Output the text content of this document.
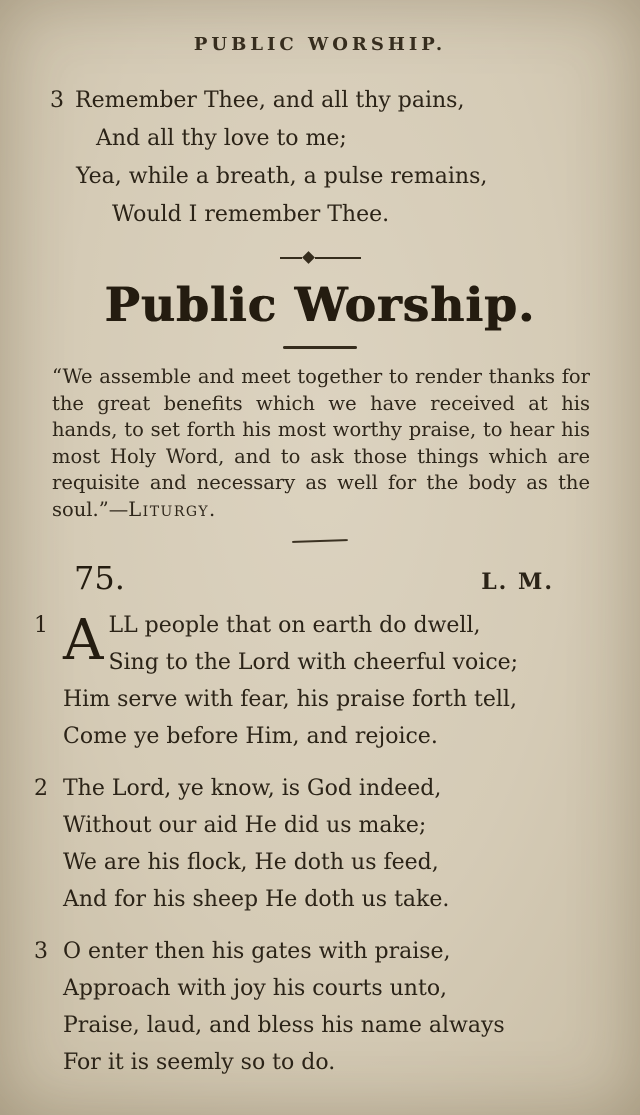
PUBLIC WORSHIP.
3 Remember Thee, and all thy pains,
And all thy love to me;
Yea, while a breath, a pulse remains,
Would I remember Thee.
Public Worship.

“We assemble and meet together to render thanks for the great benefits which we have received at his hands, to set forth his most worthy praise, to hear his most Holy Word, and to ask those things which are requisite and necessary as well for the body as the soul.”—Liturgy.

75.	L. M.
1 A LL people that on earth do dwell,
Sing to the Lord with cheerful voice;
Him serve with fear, his praise forth tell,
Come ye before Him, and rejoice.
2 The Lord, ye know, is God indeed,
Without our aid He did us make;
We are his flock, He doth us feed,
And for his sheep He doth us take.
3 O enter then his gates with praise,
Approach with joy his courts unto,
Praise, laud, and bless his name always
For it is seemly so to do.
